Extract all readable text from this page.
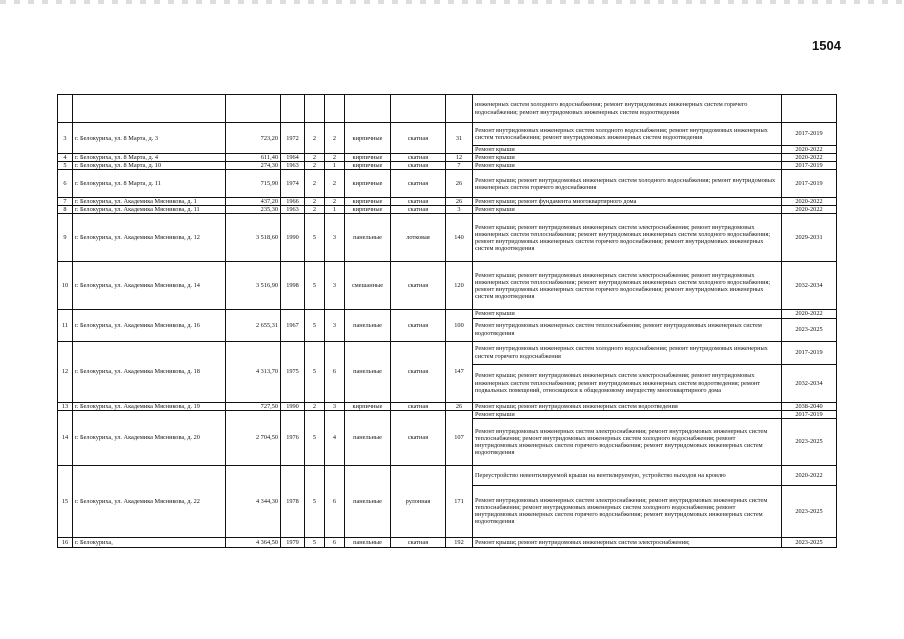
1504
									инженерных систем холодного водоснабжения; ремонт внутридомовых инженерных систем горячего водоснабжения; ремонт внутридомовых инженерных систем водоотведения	
3	г. Белокуриха, ул. 8 Марта, д. 3	723,20	1972	2	2	кирпичные	скатная	31	Ремонт внутридомовых инженерных систем холодного водоснабжения; ремонт внутридомовых инженерных систем теплоснабжения; ремонт внутридомовых инженерных систем водоотведения	2017-2019
									Ремонт крыши	2020-2022
4	г. Белокуриха, ул. 8 Марта, д. 4	611,40	1964	2	2	кирпичные	скатная	12	Ремонт крыши	2020-2022
5	г. Белокуриха, ул. 8 Марта, д. 10	274,30	1963	2	1	кирпичные	скатная	7	Ремонт крыши	2017-2019
6	г. Белокуриха, ул. 8 Марта, д. 11	715,90	1974	2	2	кирпичные	скатная	26	Ремонт крыши; ремонт внутридомовых инженерных систем холодного водоснабжения; ремонт внутридомовых инженерных систем горячего водоснабжения	2017-2019
7	г. Белокуриха, ул. Академика Мясникова, д. 1	437,20	1966	2	2	кирпичные	скатная	26	Ремонт крыши; ремонт фундамента многоквартирного дома	2020-2022
8	г. Белокуриха, ул. Академика Мясникова, д. 11	235,30	1963	2	1	кирпичные	скатная	3	Ремонт крыши	2020-2022
9	г. Белокуриха, ул. Академика Мясникова, д. 12	3 518,60	1990	5	3	панельные	лотковая	140	Ремонт крыши; ремонт внутридомовых инженерных систем электроснабжения; ремонт внутридомовых инженерных систем теплоснабжения; ремонт внутридомовых инженерных систем холодного водоснабжения; ремонт внутридомовых инженерных систем горячего водоснабжения; ремонт внутридомовых инженерных систем водоотведения	2029-2031
10	г. Белокуриха, ул. Академика Мясникова, д. 14	3 516,90	1998	5	3	смешанные	скатная	120	Ремонт крыши; ремонт внутридомовых инженерных систем электроснабжения; ремонт внутридомовых инженерных систем теплоснабжения; ремонт внутридомовых инженерных систем холодного водоснабжения; ремонт внутридомовых инженерных систем горячего водоснабжения; ремонт внутридомовых инженерных систем водоотведения	2032-2034
11	г. Белокуриха, ул. Академика Мясникова, д. 16	2 655,31	1967	5	3	панельные	скатная	100	Ремонт крыши	2020-2022
									Ремонт внутридомовых инженерных систем теплоснабжения; ремонт внутридомовых инженерных систем водоотведения	2023-2025
12	г. Белокуриха, ул. Академика Мясникова, д. 18	4 313,70	1975	5	6	панельные	скатная	147	Ремонт внутридомовых инженерных систем холодного водоснабжения; ремонт внутридомовых инженерных систем горячего водоснабжения	2017-2019
									Ремонт крыши; ремонт внутридомовых инженерных систем электроснабжения; ремонт внутридомовых инженерных систем теплоснабжения; ремонт внутридомовых инженерных систем водоотведения; ремонт подвальных помещений, относящихся к общедомовому имуществу многоквартирного дома	2032-2034
13	г. Белокуриха, ул. Академика Мясникова, д. 19	727,50	1990	2	3	кирпичные	скатная	26	Ремонт крыши; ремонт внутридомовых инженерных систем водоотведения	2038-2040
14	г. Белокуриха, ул. Академика Мясникова, д. 20	2 704,50	1976	5	4	панельные	скатная	107	Ремонт крыши	2017-2019
									Ремонт внутридомовых инженерных систем электроснабжения; ремонт внутридомовых инженерных систем теплоснабжения; ремонт внутридомовых инженерных систем холодного водоснабжения; ремонт внутридомовых инженерных систем горячего водоснабжения; ремонт внутридомовых инженерных систем водоотведения	2023-2025
15	г. Белокуриха, ул. Академика Мясникова, д. 22	4 344,30	1978	5	6	панельные	рулонная	171	Переустройство невентилируемой крыши на вентилируемую, устройство выходов на кровлю	2020-2022
									Ремонт внутридомовых инженерных систем электроснабжения; ремонт внутридомовых инженерных систем теплоснабжения; ремонт внутридомовых инженерных систем холодного водоснабжения; ремонт внутридомовых инженерных систем горячего водоснабжения; ремонт внутридомовых инженерных систем водоотведения	2023-2025
16	г. Белокуриха,	4 364,50	1979	5	6	панельные	скатная	192	Ремонт крыши; ремонт внутридомовых инженерных систем электроснабжения;	2023-2025
